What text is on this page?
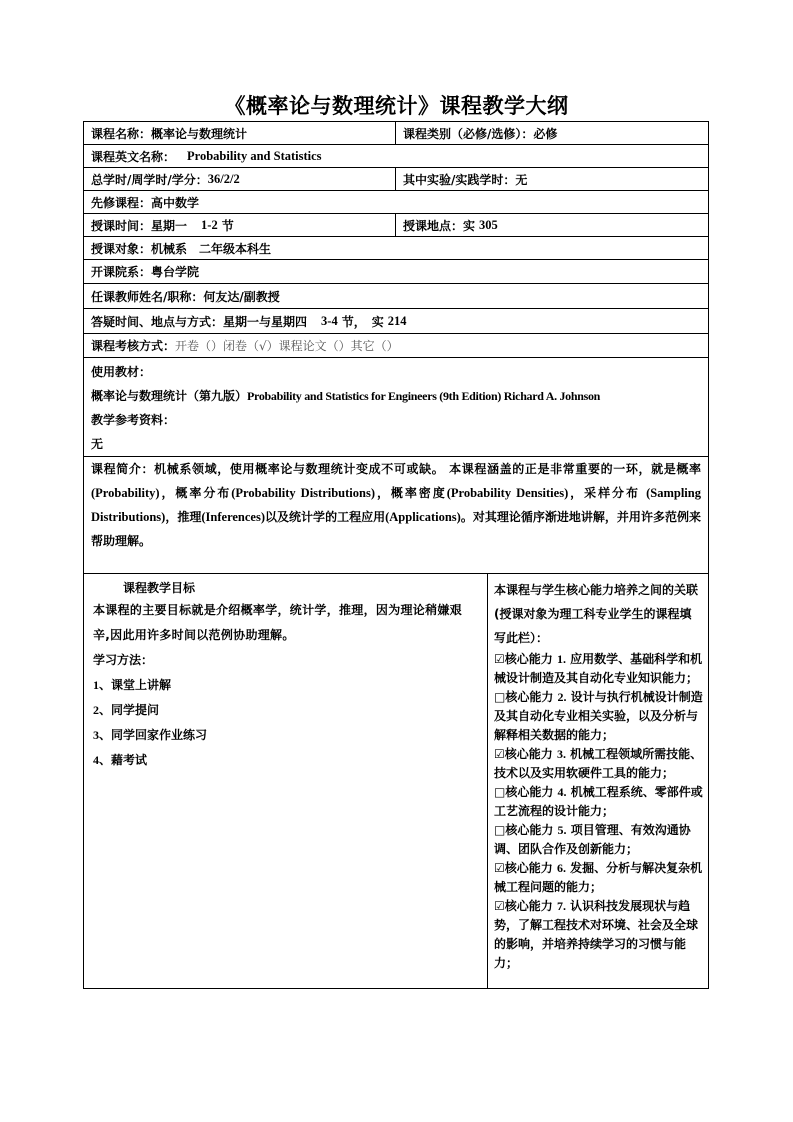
《概率论与数理统计》课程教学大纲
课程名称： 概率论与数理统计	课程类别（必修/选修）： 必修
课程英文名称： Probability and Statistics
总学时/周学时/学分： 36/2/2	其中实验/实践学时： 无
先修课程： 高中数学
授课时间： 星期一 1-2 节	授课地点： 实 305
授课对象： 机械系　二年级本科生
开课院系： 粤台学院
任课教师姓名/职称： 何友达/副教授
答疑时间、地点与方式： 星期一与星期四 3-4 节， 实 214
课程考核方式： 开卷（）闭卷（√）课程论文（）其它（）
使用教材：
概率论与数理统计（第九版）Probability and Statistics for Engineers (9th Edition) Richard A. Johnson
教学参考资料：
无
课程简介：机械系领域，使用概率论与数理统计变成不可或缺。 本课程涵盖的正是非常重要的一环，就是概率(Probability)，概率分布(Probability Distributions)，概率密度(Probability Densities)，采样分布 (Sampling Distributions)，推理(Inferences)以及统计学的工程应用(Applications)。对其理论循序渐进地讲解，并用许多范例来帮助理解。
课程教学目标
本课程的主要目标就是介绍概率学，统计学，推理，因为理论稍嫌艰辛,因此用许多时间以范例协助理解。
学习方法：
1、课堂上讲解
2、同学提问
3、同学回家作业练习
4、藉考试
本课程与学生核心能力培养之间的关联(授课对象为理工科专业学生的课程填写此栏）：
☑核心能力 1. 应用数学、基础科学和机械设计制造及其自动化专业知识能力；
□核心能力 2. 设计与执行机械设计制造及其自动化专业相关实验，以及分析与解释相关数据的能力；
☑核心能力 3. 机械工程领域所需技能、技术以及实用软硬件工具的能力；
□核心能力 4. 机械工程系统、零部件或工艺流程的设计能力；
□核心能力 5. 项目管理、有效沟通协调、团队合作及创新能力；
☑核心能力 6. 发掘、分析与解决复杂机械工程问题的能力；
☑核心能力 7. 认识科技发展现状与趋势，了解工程技术对环境、社会及全球的影响，并培养持续学习的习惯与能力；
